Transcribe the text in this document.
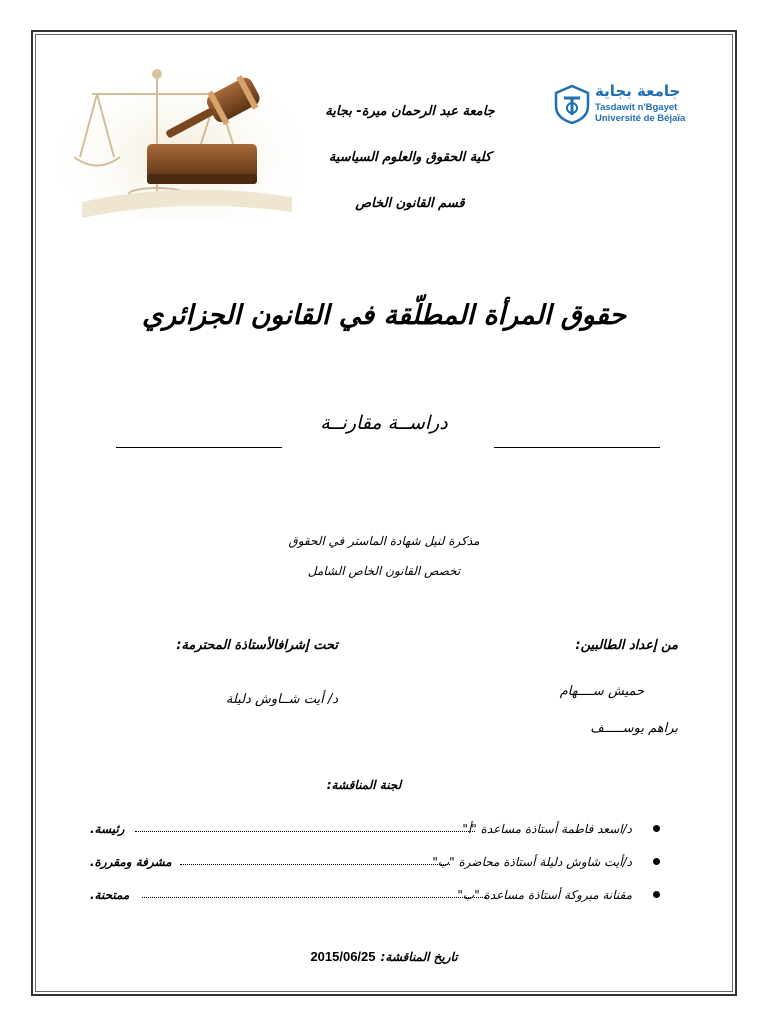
جامعة بجاية
Tasdawit n'Bgayet
Université de Béjaïa
جامعة عبد الرحمان ميرة- بجاية
كلية الحقوق والعلوم السياسية
قسم القانون الخاص
حقوق المرأة المطلّقة في القانون الجزائري
دراســة مقارنــة
مذكرة لنيل شهادة الماستر في الحقوق
تخصص القانون الخاص الشامل
من إعداد الطالبين:
حميش ســــهام
براهم يوســـــف
تحت إشرافالأستاذة المحترمة:
د/ أيت شــاوش دليلة
لجنة المناقشة:
د/اسعد فاطمة أستاذة مساعدة "أ"
رئيسة.
د/أيت شاوش دليلة أستاذة محاضرة "ب"
مشرفة ومقررة.
مقنانة مبروكة أستاذة مساعدة "ب"
ممتحنة.
تاريخ المناقشة: 2015/06/25
